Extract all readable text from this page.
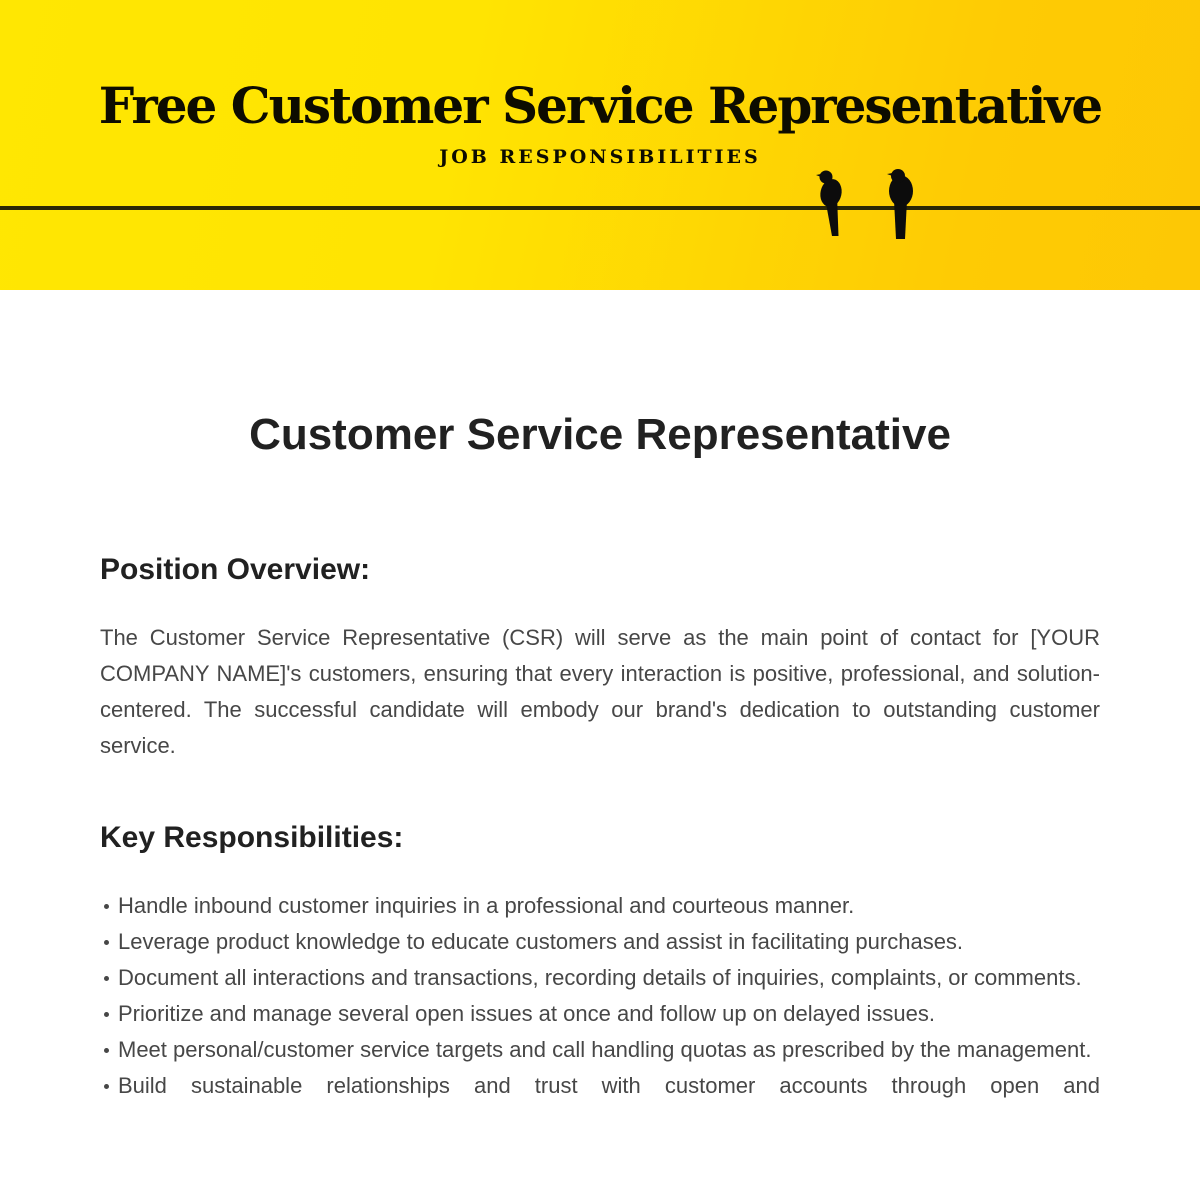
Free Customer Service Representative
JOB RESPONSIBILITIES
Customer Service Representative
Position Overview:

The Customer Service Representative (CSR) will serve as the main point of contact for [YOUR COMPANY NAME]'s customers, ensuring that every interaction is positive, professional, and solution-centered. The successful candidate will embody our brand's dedication to outstanding customer service.

Key Responsibilities:
Handle inbound customer inquiries in a professional and courteous manner.
Leverage product knowledge to educate customers and assist in facilitating purchases.
Document all interactions and transactions, recording details of inquiries, complaints, or comments.
Prioritize and manage several open issues at once and follow up on delayed issues.
Meet personal/customer service targets and call handling quotas as prescribed by the management.
Build sustainable relationships and trust with customer accounts through open and
